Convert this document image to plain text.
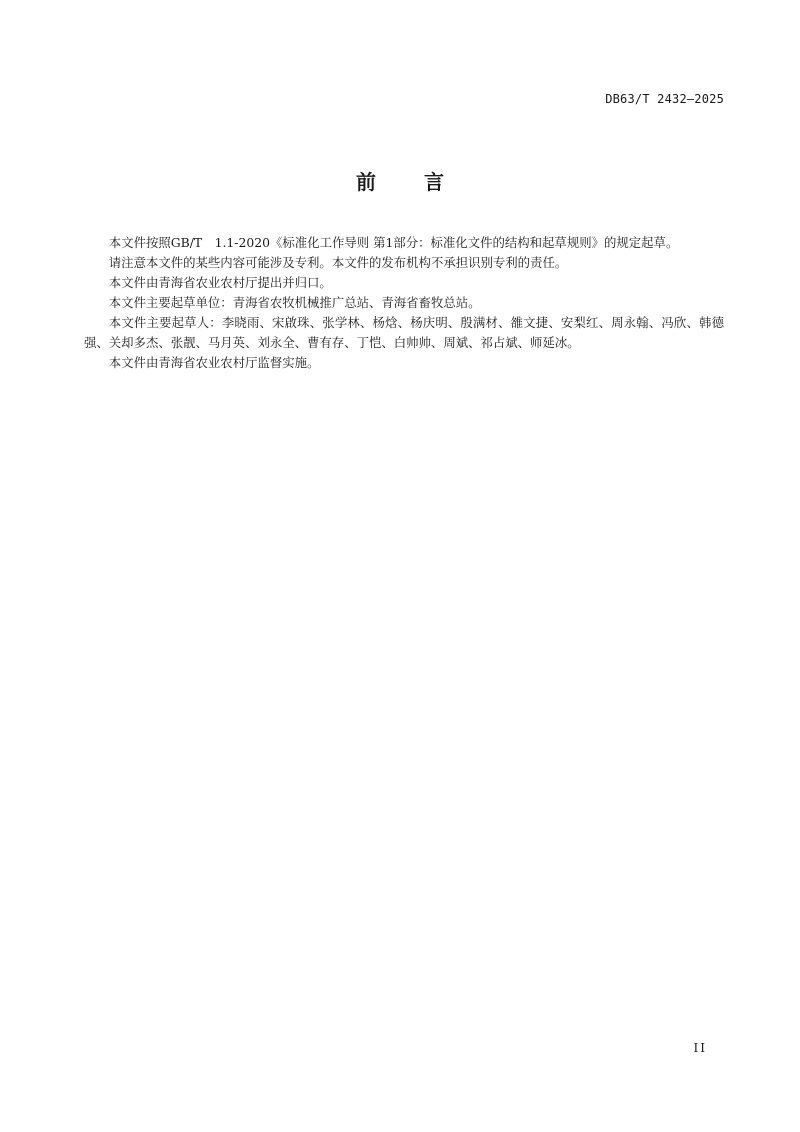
DB63/T 2432—2025
前 言

本文件按照GB/T　1.1-2020《标准化工作导则 第1部分：标准化文件的结构和起草规则》的规定起草。

请注意本文件的某些内容可能涉及专利。本文件的发布机构不承担识别专利的责任。

本文件由青海省农业农村厅提出并归口。

本文件主要起草单位：青海省农牧机械推广总站、青海省畜牧总站。

本文件主要起草人：李晓雨、宋啟珠、张学林、杨焓、杨庆明、殷满材、雒文捷、安梨红、周永翰、冯欣、韩德强、关却多杰、张靓、马月英、刘永全、曹有存、丁恺、白帅帅、周斌、祁占斌、师延冰。

本文件由青海省农业农村厅监督实施。

II
